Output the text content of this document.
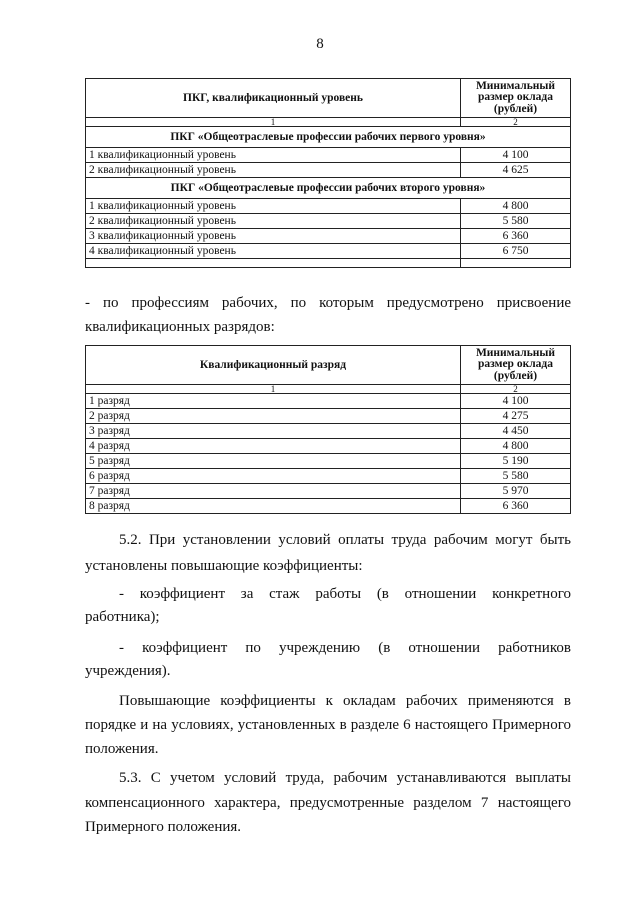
8
ПКГ, квалификационный уровень	Минимальный
размер оклада
(рублей)

1	2
ПКГ «Общеотраслевые профессии рабочих первого уровня»	
1 квалификационный уровень	4 100
2 квалификационный уровень	4 625
ПКГ «Общеотраслевые профессии рабочих второго уровня»	
1 квалификационный уровень	4 800
2 квалификационный уровень	5 580
3 квалификационный уровень	6 360
4 квалификационный уровень	6 750

- по профессиям рабочих, по которым предусмотрено присвоение

квалификационных разрядов:

Квалификационный разряд	Минимальный
размер оклада
(рублей)

1	2
1 разряд	4 100
2 разряд	4 275
3 разряд	4 450
4 разряд	4 800
5 разряд	5 190
6 разряд	5 580
7 разряд	5 970
8 разряд	6 360

5.2. При установлении условий оплаты труда рабочим могут быть

установлены повышающие коэффициенты:

- коэффициент за стаж работы (в отношении конкретного

работника);

- коэффициент по учреждению (в отношении работников

учреждения).

Повышающие коэффициенты к окладам рабочих применяются в

порядке и на условиях, установленных в разделе 6 настоящего Примерного

положения.

5.3. С учетом условий труда, рабочим устанавливаются выплаты

компенсационного характера, предусмотренные разделом 7 настоящего

Примерного положения.
